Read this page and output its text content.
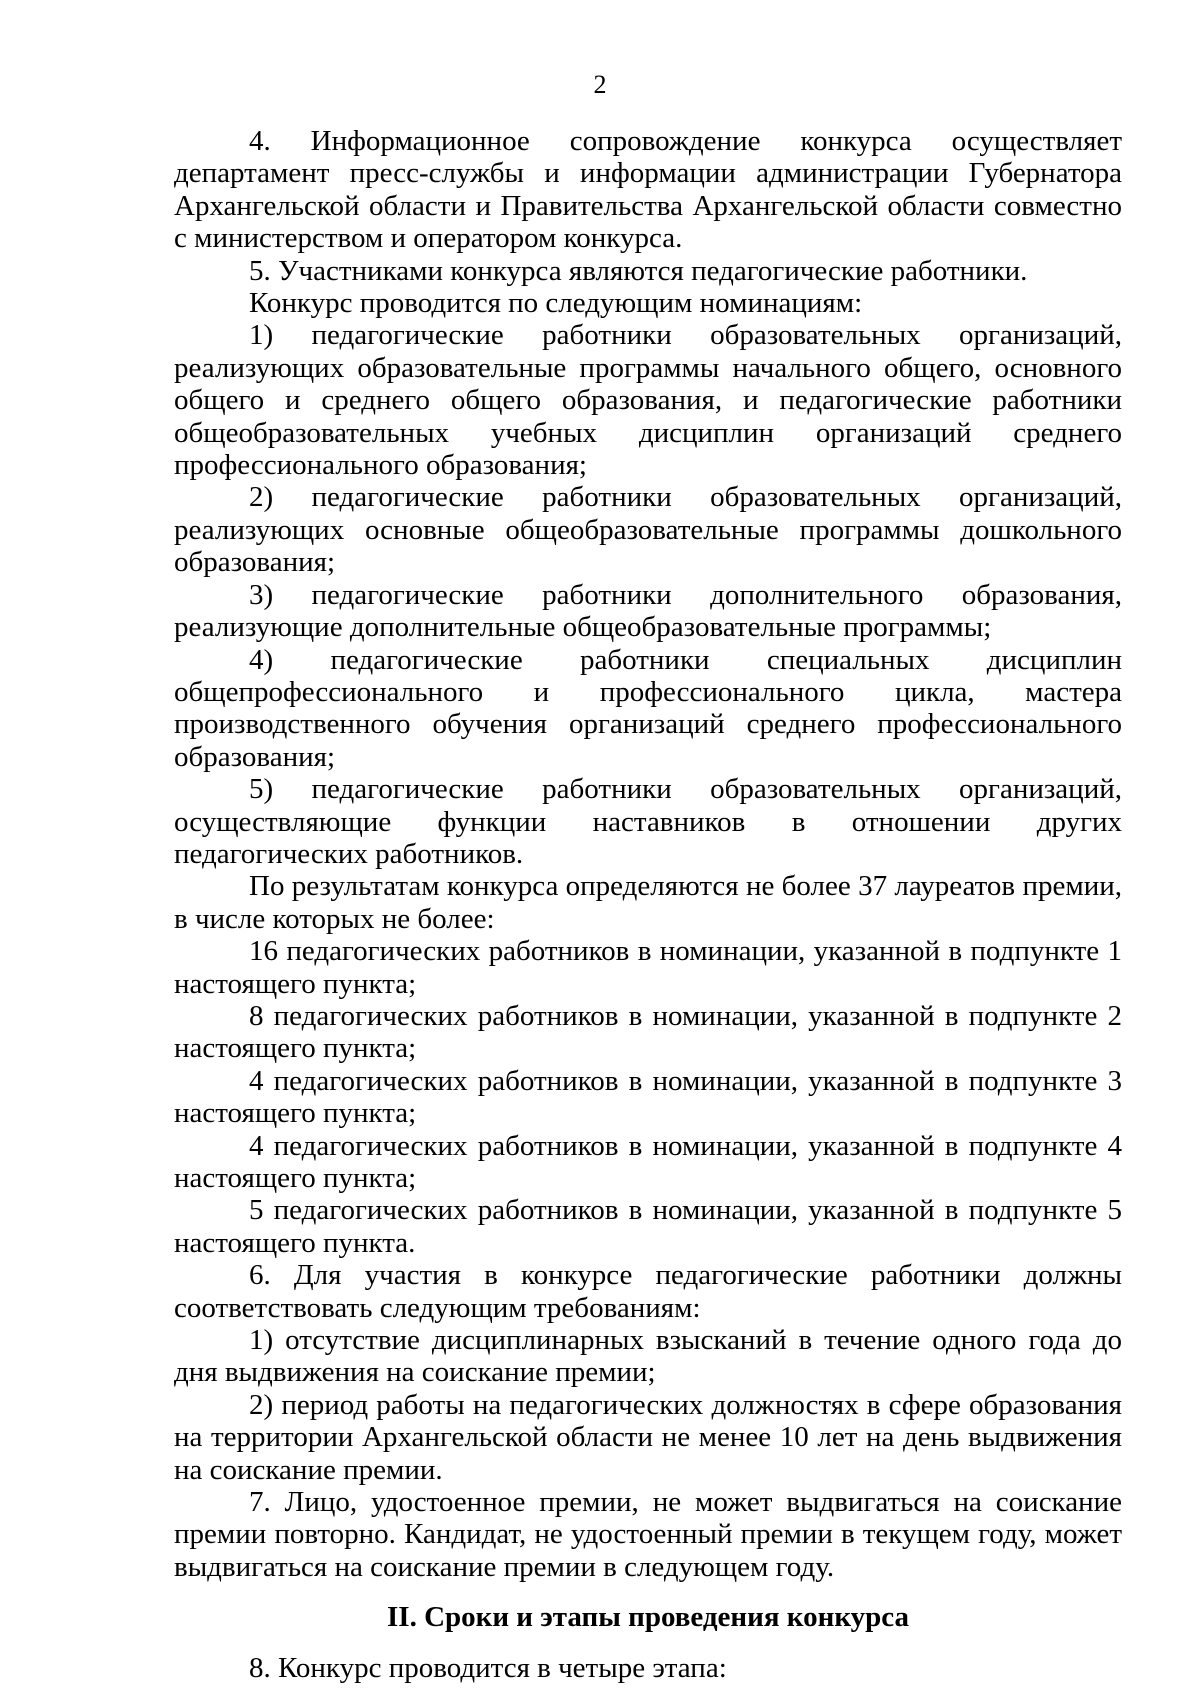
2

4. Информационное сопровождение конкурса осуществляет департамент пресс-службы и информации администрации Губернатора Архангельской области и Правительства Архангельской области совместно с министерством и оператором конкурса.

5. Участниками конкурса являются педагогические работники.

Конкурс проводится по следующим номинациям:

1) педагогические работники образовательных организаций, реализующих образовательные программы начального общего, основного общего и среднего общего образования, и педагогические работники общеобразовательных учебных дисциплин организаций среднего профессионального образования;

2) педагогические работники образовательных организаций, реализующих основные общеобразовательные программы дошкольного образования;

3) педагогические работники дополнительного образования, реализующие дополнительные общеобразовательные программы;

4) педагогические работники специальных дисциплин общепрофессионального и профессионального цикла, мастера производственного обучения организаций среднего профессионального образования;

5) педагогические работники образовательных организаций, осуществляющие функции наставников в отношении других педагогических работников.

По результатам конкурса определяются не более 37 лауреатов премии, в числе которых не более:

16 педагогических работников в номинации, указанной в подпункте 1 настоящего пункта;

8 педагогических работников в номинации, указанной в подпункте 2 настоящего пункта;

4 педагогических работников в номинации, указанной в подпункте 3 настоящего пункта;

4 педагогических работников в номинации, указанной в подпункте 4 настоящего пункта;

5 педагогических работников в номинации, указанной в подпункте 5 настоящего пункта.

6. Для участия в конкурсе педагогические работники должны соответствовать следующим требованиям:

1) отсутствие дисциплинарных взысканий в течение одного года до дня выдвижения на соискание премии;

2) период работы на педагогических должностях в сфере образования на территории Архангельской области не менее 10 лет на день выдвижения на соискание премии.

7. Лицо, удостоенное премии, не может выдвигаться на соискание премии повторно. Кандидат, не удостоенный премии в текущем году, может выдвигаться на соискание премии в следующем году.

II. Сроки и этапы проведения конкурса

8. Конкурс проводится в четыре этапа:
